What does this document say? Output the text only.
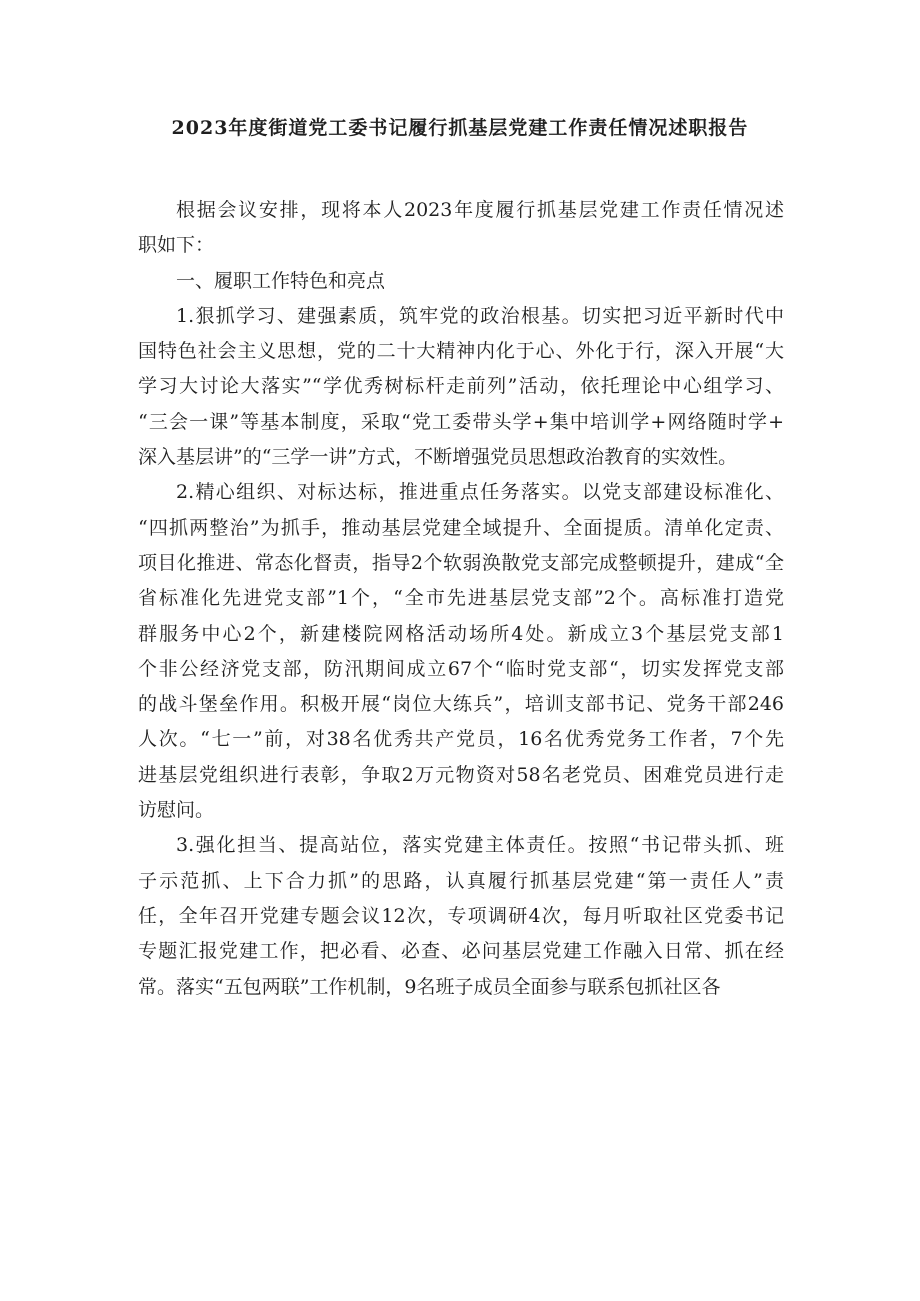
2023年度街道党工委书记履行抓基层党建工作责任情况述职报告

根据会议安排，现将本人2023年度履行抓基层党建工作责任情况述
职如下：

一、履职工作特色和亮点

1.狠抓学习、建强素质，筑牢党的政治根基。切实把习近平新时代中
国特色社会主义思想，党的二十大精神内化于心、外化于行，深入开展“大
学习大讨论大落实”“学优秀树标杆走前列”活动，依托理论中心组学习、
“三会一课”等基本制度，采取“党工委带头学+集中培训学+网络随时学+
深入基层讲”的“三学一讲”方式，不断增强党员思想政治教育的实效性。

2.精心组织、对标达标，推进重点任务落实。以党支部建设标准化、
“四抓两整治”为抓手，推动基层党建全域提升、全面提质。清单化定责、
项目化推进、常态化督责，指导2个软弱涣散党支部完成整顿提升，建成“全
省标准化先进党支部”1个，“全市先进基层党支部”2个。高标准打造党
群服务中心2个，新建楼院网格活动场所4处。新成立3个基层党支部1
个非公经济党支部，防汛期间成立67个“临时党支部“，切实发挥党支部
的战斗堡垒作用。积极开展“岗位大练兵”，培训支部书记、党务干部246
人次。“七一”前，对38名优秀共产党员，16名优秀党务工作者，7个先
进基层党组织进行表彰，争取2万元物资对58名老党员、困难党员进行走
访慰问。

3.强化担当、提高站位，落实党建主体责任。按照“书记带头抓、班
子示范抓、上下合力抓”的思路，认真履行抓基层党建“第一责任人”责
任，全年召开党建专题会议12次，专项调研4次，每月听取社区党委书记
专题汇报党建工作，把必看、必查、必问基层党建工作融入日常、抓在经
常。落实“五包两联”工作机制，9名班子成员全面参与联系包抓社区各
